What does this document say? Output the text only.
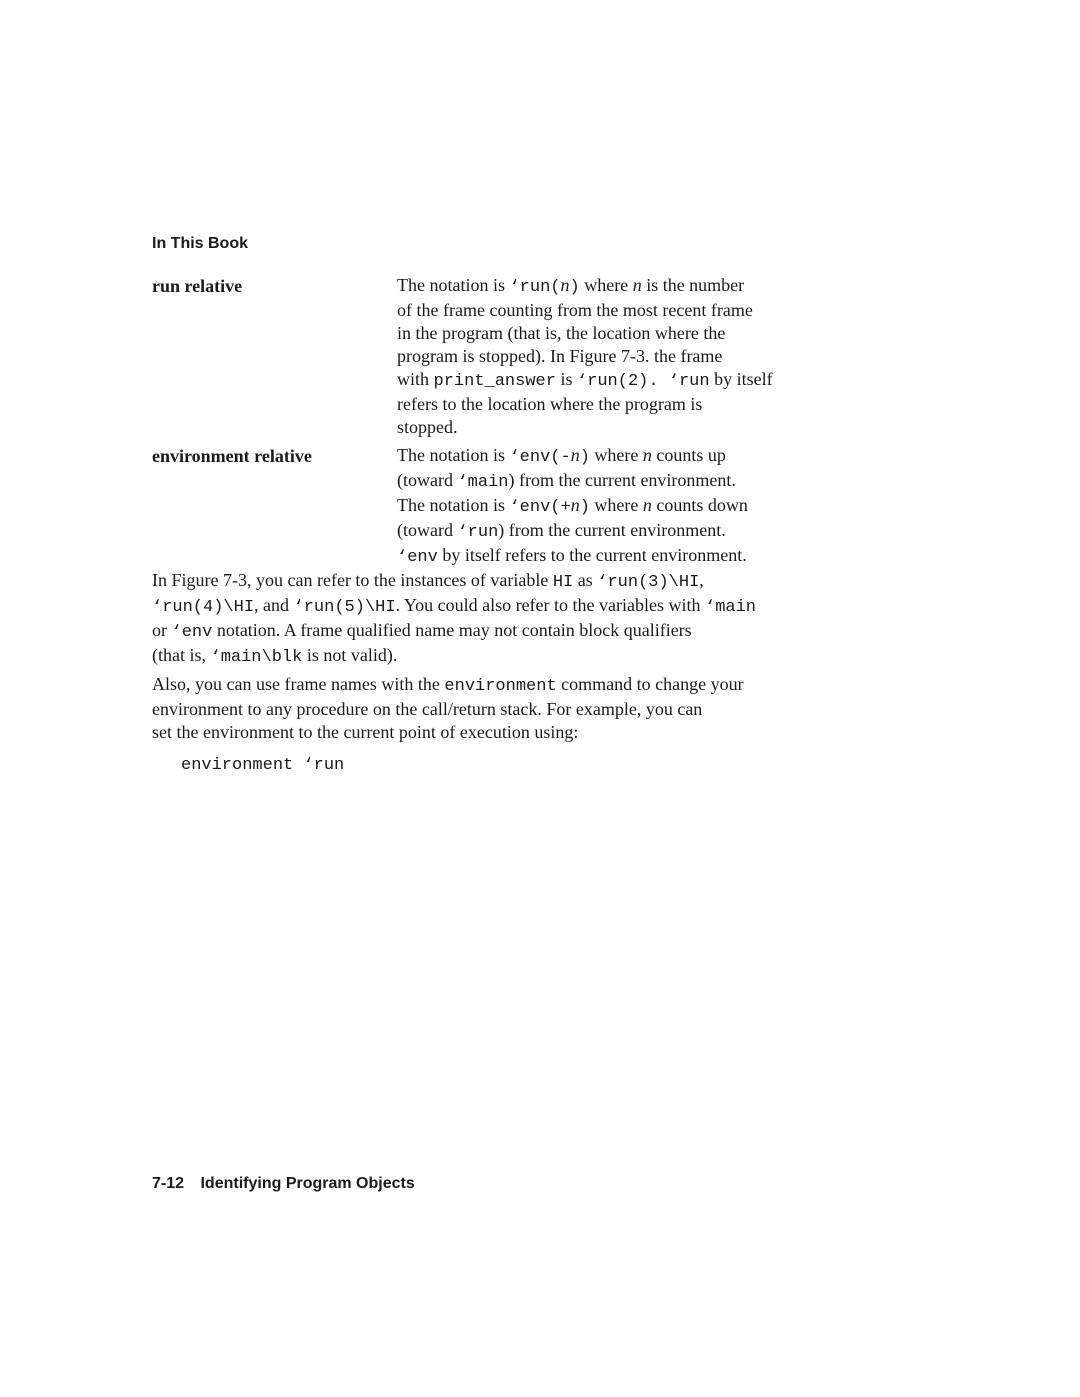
In This Book
run relative	The notation is ‘run(n) where n is the number
of the frame counting from the most recent frame
in the program (that is, the location where the
program is stopped). In Figure 7-3. the frame
with print_answer is ‘run(2). ‘run by itself
refers to the location where the program is
stopped.
environment relative	The notation is ‘env(-n) where n counts up
(toward ‘main) from the current environment.
The notation is ‘env(+n) where n counts down
(toward ‘run) from the current environment.
‘env by itself refers to the current environment.
In Figure 7-3, you can refer to the instances of variable HI as ‘run(3)\HI,
‘run(4)\HI, and ‘run(5)\HI. You could also refer to the variables with ‘main
or ‘env notation. A frame qualified name may not contain block qualifiers
(that is, ‘main\blk is not valid).
Also, you can use frame names with the environment command to change your
environment to any procedure on the call/return stack. For example, you can
set the environment to the current point of execution using:
environment ‘run
7-12 Identifying Program Objects
